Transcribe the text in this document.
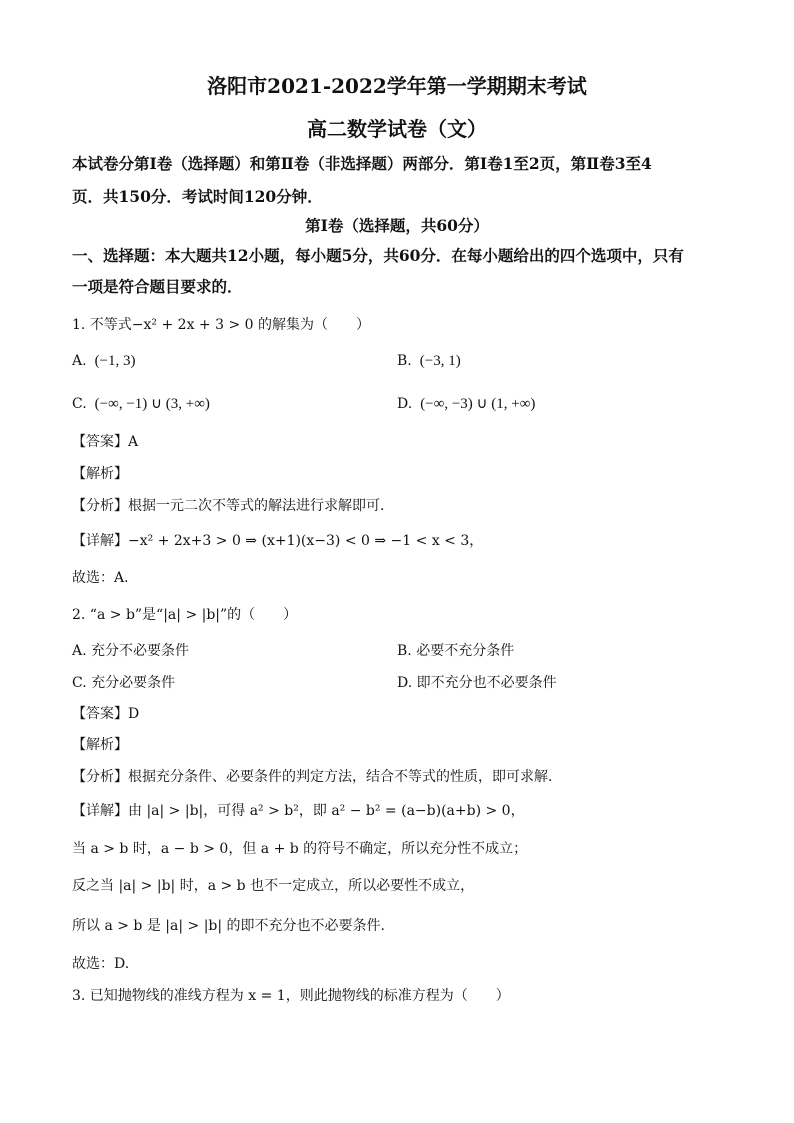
洛阳市2021-2022学年第一学期期末考试
高二数学试卷（文）
本试卷分第Ⅰ卷（选择题）和第Ⅱ卷（非选择题）两部分．第Ⅰ卷1至2页，第Ⅱ卷3至4
页．共150分．考试时间120分钟．
第Ⅰ卷（选择题，共60分）
一、选择题：本大题共12小题，每小题5分，共60分．在每小题给出的四个选项中，只有
一项是符合题目要求的．
1. 不等式−x² + 2x + 3 > 0 的解集为（　　）
A. (−1, 3)	B. (−3, 1)
C. (−∞, −1) ∪ (3, +∞)	D. (−∞, −3) ∪ (1, +∞)
【答案】A
【解析】
【分析】根据一元二次不等式的解法进行求解即可.
【详解】−x² + 2x+3 > 0 ⇒ (x+1)(x−3) < 0 ⇒ −1 < x < 3，
故选：A.
2. “a > b”是“|a| > |b|”的（　　）
A. 充分不必要条件	B. 必要不充分条件
C. 充分必要条件	D. 即不充分也不必要条件
【答案】D
【解析】
【分析】根据充分条件、必要条件的判定方法，结合不等式的性质，即可求解.
【详解】由 |a| > |b|，可得 a² > b²，即 a² − b² = (a−b)(a+b) > 0，
当 a > b 时，a − b > 0，但 a + b 的符号不确定，所以充分性不成立；
反之当 |a| > |b| 时，a > b 也不一定成立，所以必要性不成立，
所以 a > b 是 |a| > |b| 的即不充分也不必要条件.
故选：D.
3. 已知抛物线的准线方程为 x = 1，则此抛物线的标准方程为（　　）
